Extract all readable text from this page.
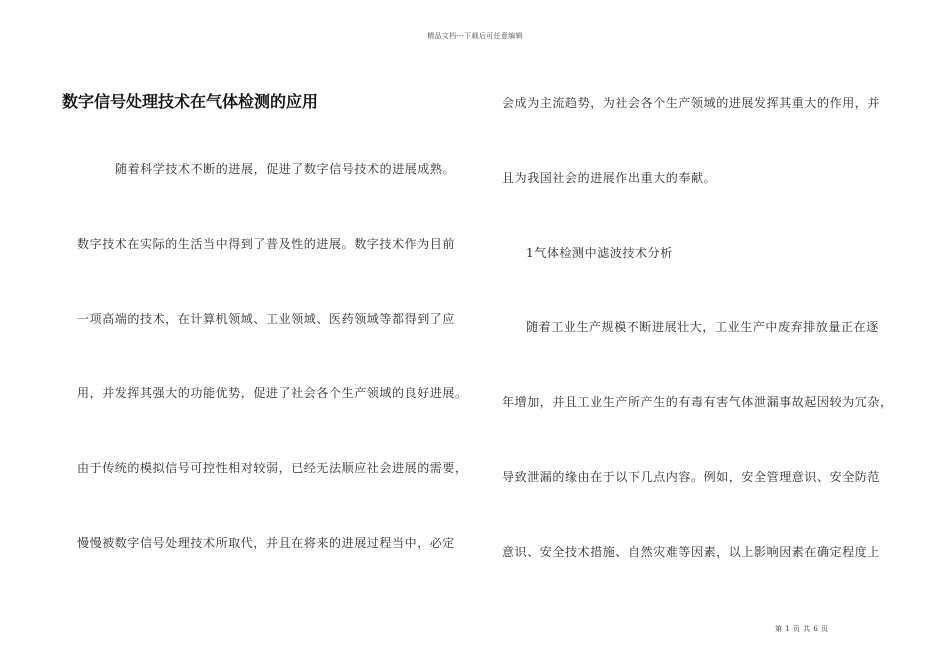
精品文档---下载后可任意编辑
数字信号处理技术在气体检测的应用
随着科学技术不断的进展，促进了数字信号技术的进展成熟。
数字技术在实际的生活当中得到了普及性的进展。数字技术作为目前
一项高端的技术，在计算机领域、工业领域、医药领域等都得到了应
用，并发挥其强大的功能优势，促进了社会各个生产领域的良好进展。
由于传统的模拟信号可控性相对较弱，已经无法顺应社会进展的需要，
慢慢被数字信号处理技术所取代，并且在将来的进展过程当中，必定
会成为主流趋势，为社会各个生产领域的进展发挥其重大的作用，并
且为我国社会的进展作出重大的奉献。
1气体检测中滤波技术分析
随着工业生产规模不断进展壮大，工业生产中废弃排放量正在逐
年增加，并且工业生产所产生的有毒有害气体泄漏事故起因较为冗杂，
导致泄漏的缘由在于以下几点内容。例如，安全管理意识、安全防范
意识、安全技术措施、自然灾难等因素，以上影响因素在确定程度上
第 1 页 共 6 页
